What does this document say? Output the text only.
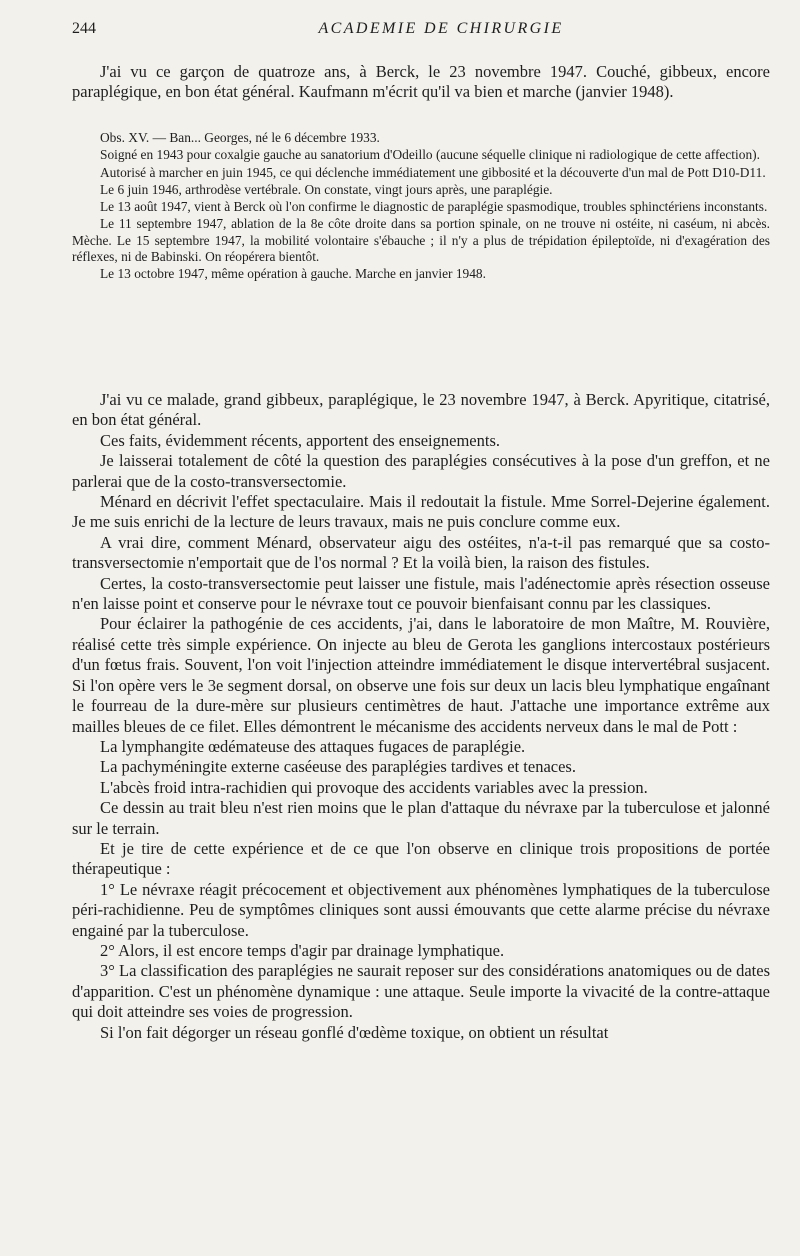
244	ACADEMIE DE CHIRURGIE

J'ai vu ce garçon de quatroze ans, à Berck, le 23 novembre 1947. Couché, gibbeux, encore paraplégique, en bon état général. Kaufmann m'écrit qu'il va bien et marche (janvier 1948).

Obs. XV. — Ban... Georges, né le 6 décembre 1933.

Soigné en 1943 pour coxalgie gauche au sanatorium d'Odeillo (aucune séquelle clinique ni radiologique de cette affection).

Autorisé à marcher en juin 1945, ce qui déclenche immédiatement une gibbosité et la découverte d'un mal de Pott D10-D11.

Le 6 juin 1946, arthrodèse vertébrale. On constate, vingt jours après, une paraplégie.

Le 13 août 1947, vient à Berck où l'on confirme le diagnostic de paraplégie spasmodique, troubles sphinctériens inconstants.

Le 11 septembre 1947, ablation de la 8e côte droite dans sa portion spinale, on ne trouve ni ostéite, ni caséum, ni abcès. Mèche. Le 15 septembre 1947, la mobilité volontaire s'ébauche ; il n'y a plus de trépidation épileptoïde, ni d'exagération des réflexes, ni de Babinski. On réopérera bientôt.

Le 13 octobre 1947, même opération à gauche. Marche en janvier 1948.

J'ai vu ce malade, grand gibbeux, paraplégique, le 23 novembre 1947, à Berck. Apyritique, citatrisé, en bon état général.

Ces faits, évidemment récents, apportent des enseignements.

Je laisserai totalement de côté la question des paraplégies consécutives à la pose d'un greffon, et ne parlerai que de la costo-transversectomie.

Ménard en décrivit l'effet spectaculaire. Mais il redoutait la fistule. Mme Sorrel-Dejerine également. Je me suis enrichi de la lecture de leurs travaux, mais ne puis conclure comme eux.

A vrai dire, comment Ménard, observateur aigu des ostéites, n'a-t-il pas remarqué que sa costo-transversectomie n'emportait que de l'os normal ? Et la voilà bien, la raison des fistules.

Certes, la costo-transversectomie peut laisser une fistule, mais l'adénectomie après résection osseuse n'en laisse point et conserve pour le névraxe tout ce pouvoir bienfaisant connu par les classiques.

Pour éclairer la pathogénie de ces accidents, j'ai, dans le laboratoire de mon Maître, M. Rouvière, réalisé cette très simple expérience. On injecte au bleu de Gerota les ganglions intercostaux postérieurs d'un fœtus frais. Souvent, l'on voit l'injection atteindre immédiatement le disque intervertébral susjacent. Si l'on opère vers le 3e segment dorsal, on observe une fois sur deux un lacis bleu lymphatique engaînant le fourreau de la dure-mère sur plusieurs centimètres de haut. J'attache une importance extrême aux mailles bleues de ce filet. Elles démontrent le mécanisme des accidents nerveux dans le mal de Pott :

La lymphangite œdémateuse des attaques fugaces de paraplégie.

La pachyméningite externe caséeuse des paraplégies tardives et tenaces.

L'abcès froid intra-rachidien qui provoque des accidents variables avec la pression.

Ce dessin au trait bleu n'est rien moins que le plan d'attaque du névraxe par la tuberculose et jalonné sur le terrain.

Et je tire de cette expérience et de ce que l'on observe en clinique trois propositions de portée thérapeutique :

1° Le névraxe réagit précocement et objectivement aux phénomènes lymphatiques de la tuberculose péri-rachidienne. Peu de symptômes cliniques sont aussi émouvants que cette alarme précise du névraxe engainé par la tuberculose.

2° Alors, il est encore temps d'agir par drainage lymphatique.

3° La classification des paraplégies ne saurait reposer sur des considérations anatomiques ou de dates d'apparition. C'est un phénomène dynamique : une attaque. Seule importe la vivacité de la contre-attaque qui doit atteindre ses voies de progression.

Si l'on fait dégorger un réseau gonflé d'œdème toxique, on obtient un résultat
